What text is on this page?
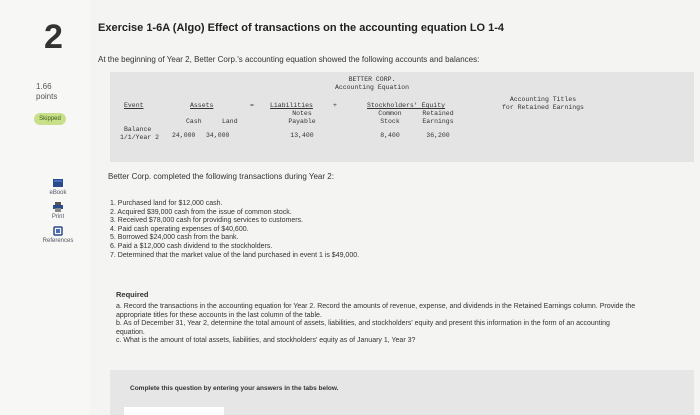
2
1.66
points
Skipped
eBook
Print
References
Exercise 1-6A (Algo) Effect of transactions on the accounting equation LO 1-4
At the beginning of Year 2, Better Corp.'s accounting equation showed the following accounts and balances:
BETTER CORP.
Accounting Equation
Event	Assets	= Liabilities	+	Stockholders' Equity
Accounting Titles
for Retained Earnings
Notes	Common	Retained
Cash	Land	Payable	Stock	Earnings
Balance
1/1/Year 2 24,000 34,000	13,400	8,400	36,200
Better Corp. completed the following transactions during Year 2:
1. Purchased land for $12,000 cash.
2. Acquired $39,000 cash from the issue of common stock.
3. Received $78,000 cash for providing services to customers.
4. Paid cash operating expenses of $40,600.
5. Borrowed $24,000 cash from the bank.
6. Paid a $12,000 cash dividend to the stockholders.
7. Determined that the market value of the land purchased in event 1 is $49,000.
Required
a. Record the transactions in the accounting equation for Year 2. Record the amounts of revenue, expense, and dividends in the Retained Earnings column. Provide the appropriate titles for these accounts in the last column of the table.
b. As of December 31, Year 2, determine the total amount of assets, liabilities, and stockholders' equity and present this information in the form of an accounting equation.
c. What is the amount of total assets, liabilities, and stockholders' equity as of January 1, Year 3?
Complete this question by entering your answers in the tabs below.
